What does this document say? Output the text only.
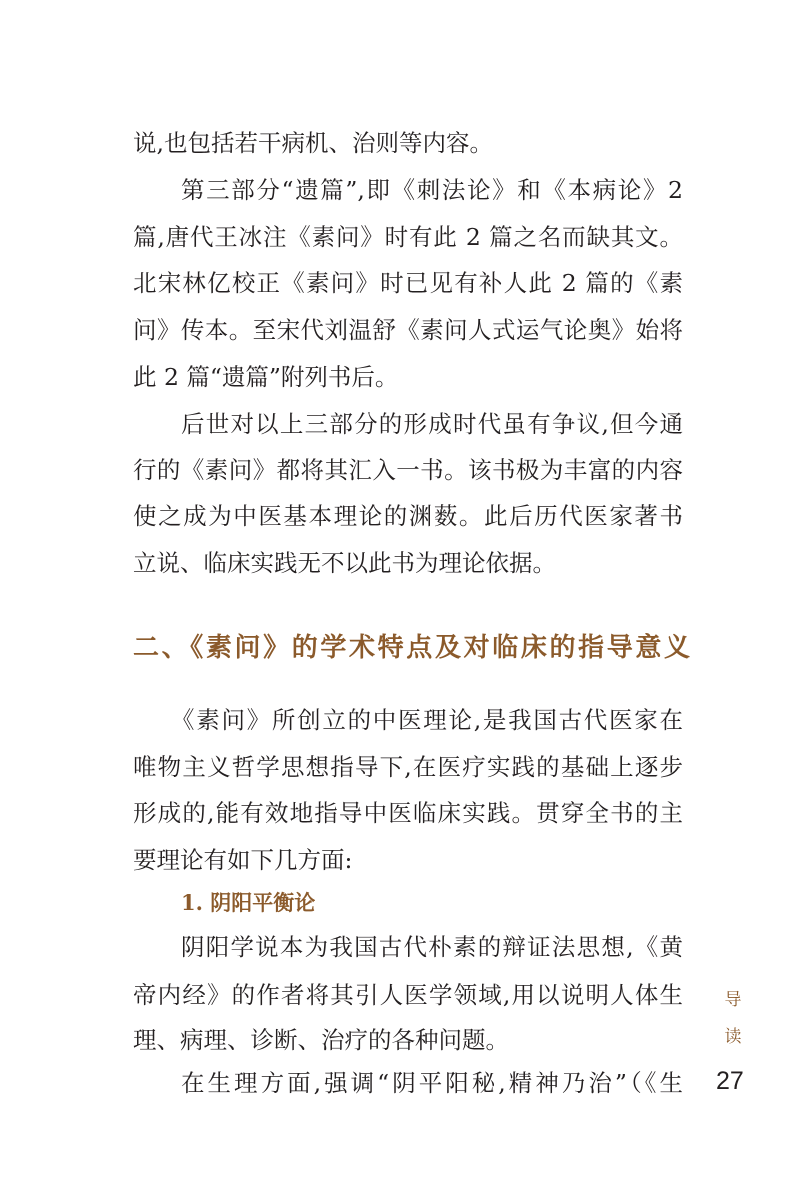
说,也包括若干病机、治则等内容。
第三部分“遗篇”,即《刺法论》和《本病论》2
篇,唐代王冰注《素问》时有此 2 篇之名而缺其文。
北宋林亿校正《素问》时已见有补人此 2 篇的《素
问》传本。至宋代刘温舒《素问人式运气论奥》始将
此 2 篇“遗篇”附列书后。
后世对以上三部分的形成时代虽有争议,但今通
行的《素问》都将其汇入一书。该书极为丰富的内容
使之成为中医基本理论的渊薮。此后历代医家著书
立说、临床实践无不以此书为理论依据。
二、《素问》的学术特点及对临床的指导意义
《素问》所创立的中医理论,是我国古代医家在
唯物主义哲学思想指导下,在医疗实践的基础上逐步
形成的,能有效地指导中医临床实践。贯穿全书的主
要理论有如下几方面:
1. 阴阳平衡论
阴阳学说本为我国古代朴素的辩证法思想,《黄
帝内经》的作者将其引人医学领域,用以说明人体生
理、病理、诊断、治疗的各种问题。
在生理方面,强调“阴平阳秘,精神乃治”（《生
导
读
27
